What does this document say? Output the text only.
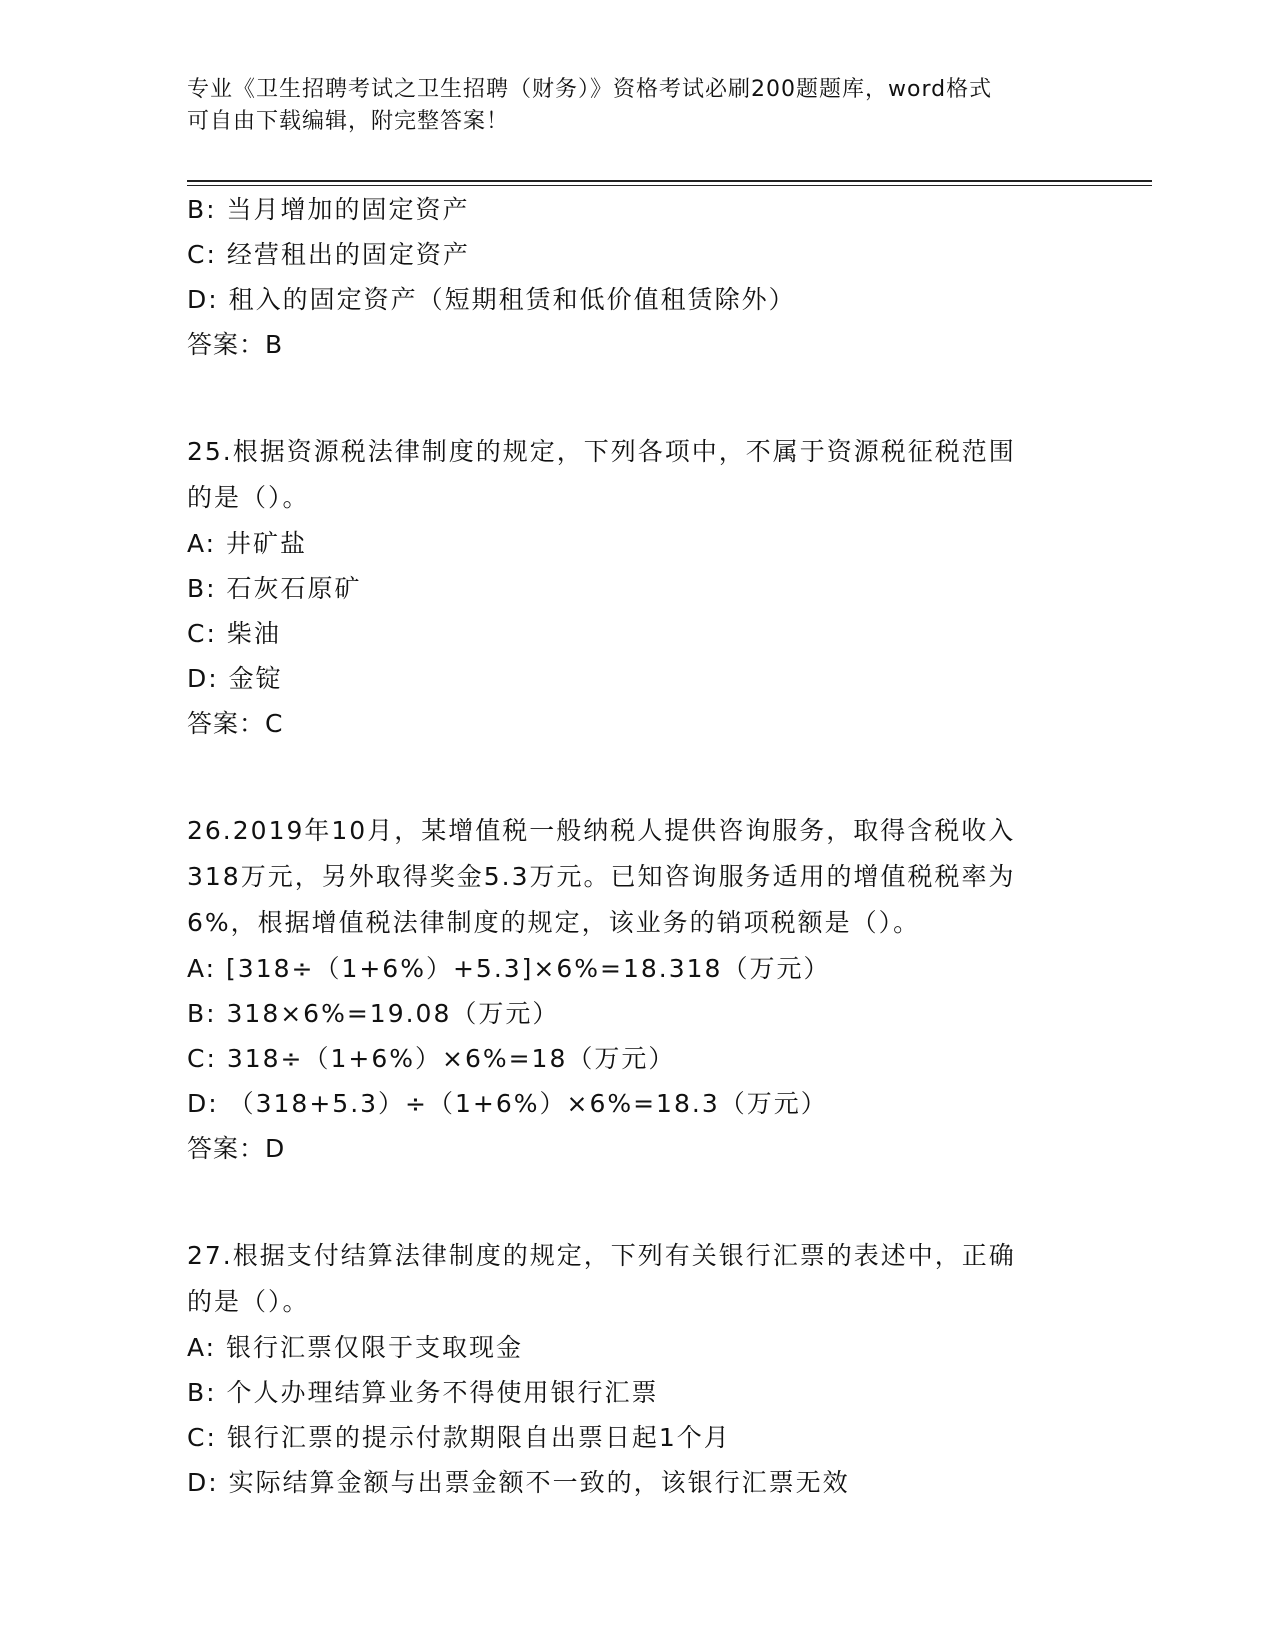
专业《卫生招聘考试之卫生招聘（财务）》资格考试必刷200题题库，word格式
可自由下载编辑，附完整答案！
B: 当月增加的固定资产
C: 经营租出的固定资产
D: 租入的固定资产（短期租赁和低价值租赁除外）
答案：B
25.根据资源税法律制度的规定，下列各项中，不属于资源税征税范围
的是（）。
A: 井矿盐
B: 石灰石原矿
C: 柴油
D: 金锭
答案：C
26.2019年10月，某增值税一般纳税人提供咨询服务，取得含税收入
318万元，另外取得奖金5.3万元。已知咨询服务适用的增值税税率为
6%，根据增值税法律制度的规定，该业务的销项税额是（）。
A: [318÷（1+6%）+5.3]×6%=18.318（万元）
B: 318×6%=19.08（万元）
C: 318÷（1+6%）×6%=18（万元）
D: （318+5.3）÷（1+6%）×6%=18.3（万元）
答案：D
27.根据支付结算法律制度的规定，下列有关银行汇票的表述中，正确
的是（）。
A: 银行汇票仅限于支取现金
B: 个人办理结算业务不得使用银行汇票
C: 银行汇票的提示付款期限自出票日起1个月
D: 实际结算金额与出票金额不一致的，该银行汇票无效
